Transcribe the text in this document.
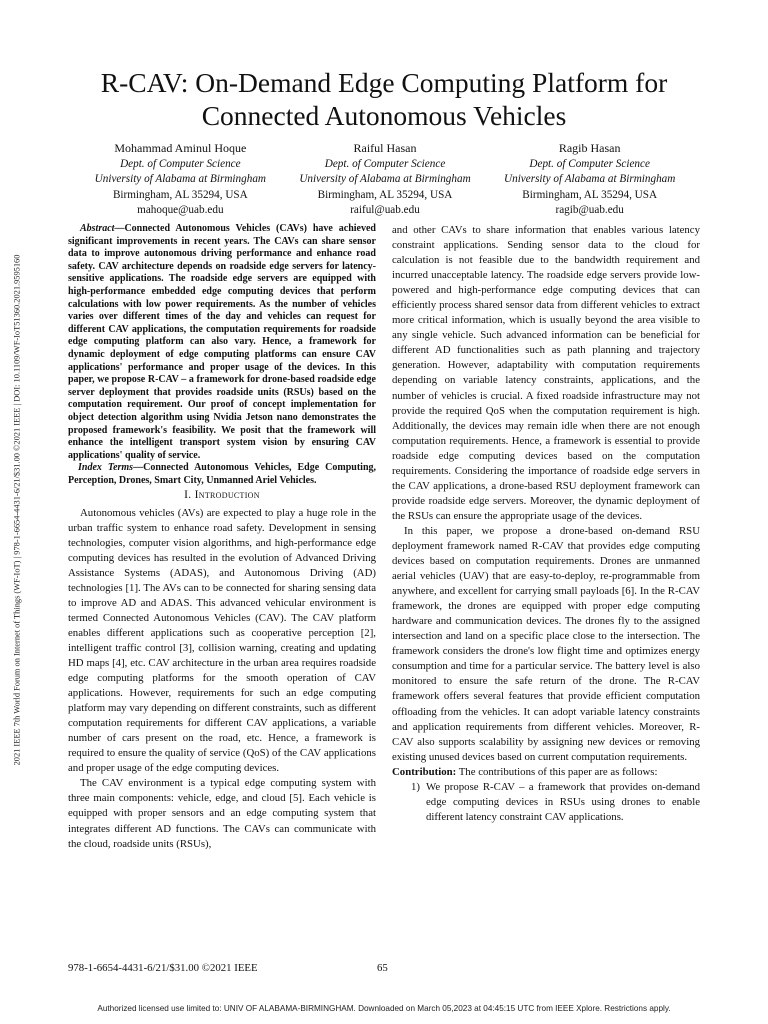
2021 IEEE 7th World Forum on Internet of Things (WF-IoT) | 978-1-6654-4431-6/21/$31.00 ©2021 IEEE | DOI: 10.1109/WF-IoT51360.2021.9595160
R-CAV: On-Demand Edge Computing Platform for Connected Autonomous Vehicles
Mohammad Aminul Hoque
Dept. of Computer Science
University of Alabama at Birmingham
Birmingham, AL 35294, USA
mahoque@uab.edu
Raiful Hasan
Dept. of Computer Science
University of Alabama at Birmingham
Birmingham, AL 35294, USA
raiful@uab.edu
Ragib Hasan
Dept. of Computer Science
University of Alabama at Birmingham
Birmingham, AL 35294, USA
ragib@uab.edu

Abstract—Connected Autonomous Vehicles (CAVs) have achieved significant improvements in recent years. The CAVs can share sensor data to improve autonomous driving performance and enhance road safety. CAV architecture depends on roadside edge servers for latency-sensitive applications. The roadside edge servers are equipped with high-performance embedded edge computing devices that perform calculations with low power requirements. As the number of vehicles varies over different times of the day and vehicles can request for different CAV applications, the computation requirements for roadside edge computing platform can also vary. Hence, a framework for dynamic deployment of edge computing platforms can ensure CAV applications' performance and proper usage of the devices. In this paper, we propose R-CAV – a framework for drone-based roadside edge server deployment that provides roadside units (RSUs) based on the computation requirement. Our proof of concept implementation for object detection algorithm using Nvidia Jetson nano demonstrates the proposed framework's feasibility. We posit that the framework will enhance the intelligent transport system vision by ensuring CAV applications' quality of service.

Index Terms—Connected Autonomous Vehicles, Edge Computing, Perception, Drones, Smart City, Unmanned Ariel Vehicles.

I. Introduction

Autonomous vehicles (AVs) are expected to play a huge role in the urban traffic system to enhance road safety. Development in sensing technologies, computer vision algorithms, and high-performance edge computing devices has resulted in the evolution of Advanced Driving Assistance Systems (ADAS), and Autonomous Driving (AD) technologies [1]. The AVs can to be connected for sharing sensing data to improve AD and ADAS. This advanced vehicular environment is termed Connected Autonomous Vehicles (CAV). The CAV platform enables different applications such as cooperative perception [2], intelligent traffic control [3], collision warning, creating and updating HD maps [4], etc. CAV architecture in the urban area requires roadside edge computing platforms for the smooth operation of CAV applications. However, requirements for such an edge computing platform may vary depending on different constraints, such as different computation requirements for different CAV applications, a variable number of cars present on the road, etc. Hence, a framework is required to ensure the quality of service (QoS) of the CAV applications and proper usage of the edge computing devices.

The CAV environment is a typical edge computing system with three main components: vehicle, edge, and cloud [5]. Each vehicle is equipped with proper sensors and an edge computing system that integrates different AD functions. The CAVs can communicate with the cloud, roadside units (RSUs),

and other CAVs to share information that enables various latency constraint applications. Sending sensor data to the cloud for calculation is not feasible due to the bandwidth requirement and incurred unacceptable latency. The roadside edge servers provide low-powered and high-performance edge computing devices that can efficiently process shared sensor data from different vehicles to extract more critical information, which is usually beyond the area visible to any single vehicle. Such advanced information can be beneficial for different AD functionalities such as path planning and trajectory generation. However, adaptability with computation requirements depending on variable latency constraints, applications, and the number of vehicles is crucial. A fixed roadside infrastructure may not provide the required QoS when the computation requirement is high. Additionally, the devices may remain idle when there are not enough computation requirements. Hence, a framework is essential to provide roadside edge computing devices based on the computation requirements. Considering the importance of roadside edge servers in the CAV applications, a drone-based RSU deployment framework can provide roadside edge servers. Moreover, the dynamic deployment of the RSUs can ensure the appropriate usage of the devices.

In this paper, we propose a drone-based on-demand RSU deployment framework named R-CAV that provides edge computing devices based on computation requirements. Drones are unmanned aerial vehicles (UAV) that are easy-to-deploy, re-programmable from anywhere, and excellent for carrying small payloads [6]. In the R-CAV framework, the drones are equipped with proper edge computing hardware and communication devices. The drones fly to the assigned intersection and land on a specific place close to the intersection. The framework considers the drone's low flight time and optimizes energy consumption and time for a particular service. The battery level is also monitored to ensure the safe return of the drone. The R-CAV framework offers several features that provide efficient computation offloading from the vehicles. It can adopt variable latency constraints and application requirements from different vehicles. Moreover, R-CAV also supports scalability by assigning new devices or removing existing unused devices based on current computation requirements.

Contribution: The contributions of this paper are as follows:

1) We propose R-CAV – a framework that provides on-demand edge computing devices in RSUs using drones to enable different latency constraint CAV applications.
978-1-6654-4431-6/21/$31.00 ©2021 IEEE	65
Authorized licensed use limited to: UNIV OF ALABAMA-BIRMINGHAM. Downloaded on March 05,2023 at 04:45:15 UTC from IEEE Xplore. Restrictions apply.
